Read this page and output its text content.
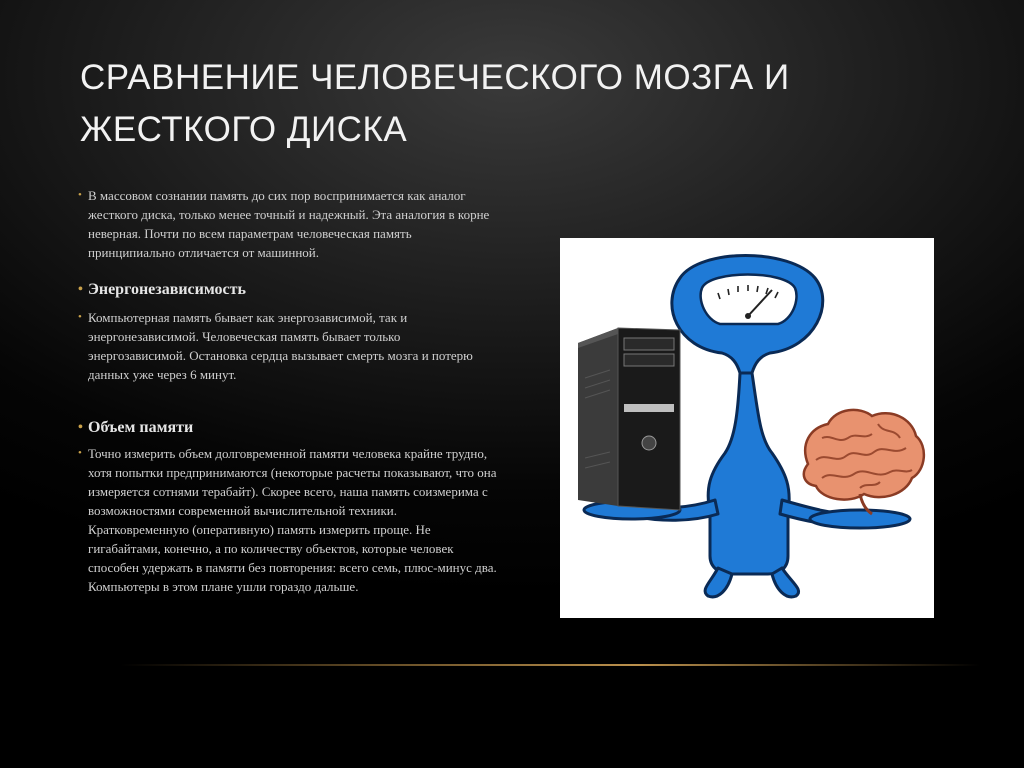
СРАВНЕНИЕ ЧЕЛОВЕЧЕСКОГО МОЗГА И ЖЕСТКОГО ДИСКА
• В массовом сознании память до сих пор воспринимается как аналог жесткого диска, только менее точный и надежный. Эта аналогия в корне неверная. Почти по всем параметрам человеческая память принципиально отличается от машинной.
• Энергонезависимость
• Компьютерная память бывает как энергозависимой, так и энергонезависимой. Человеческая память бывает только энергозависимой. Остановка сердца вызывает смерть мозга и потерю данных уже через 6 минут.
• Объем памяти
• Точно измерить объем долговременной памяти человека крайне трудно, хотя попытки предпринимаются (некоторые расчеты показывают, что она измеряется сотнями терабайт). Скорее всего, наша память соизмерима с возможностями современной вычислительной техники.
Кратковременную (оперативную) память измерить проще. Не гигабайтами, конечно, а по количеству объектов, которые человек способен удержать в памяти без повторения: всего семь, плюс-минус два. Компьютеры в этом плане ушли гораздо дальше.
